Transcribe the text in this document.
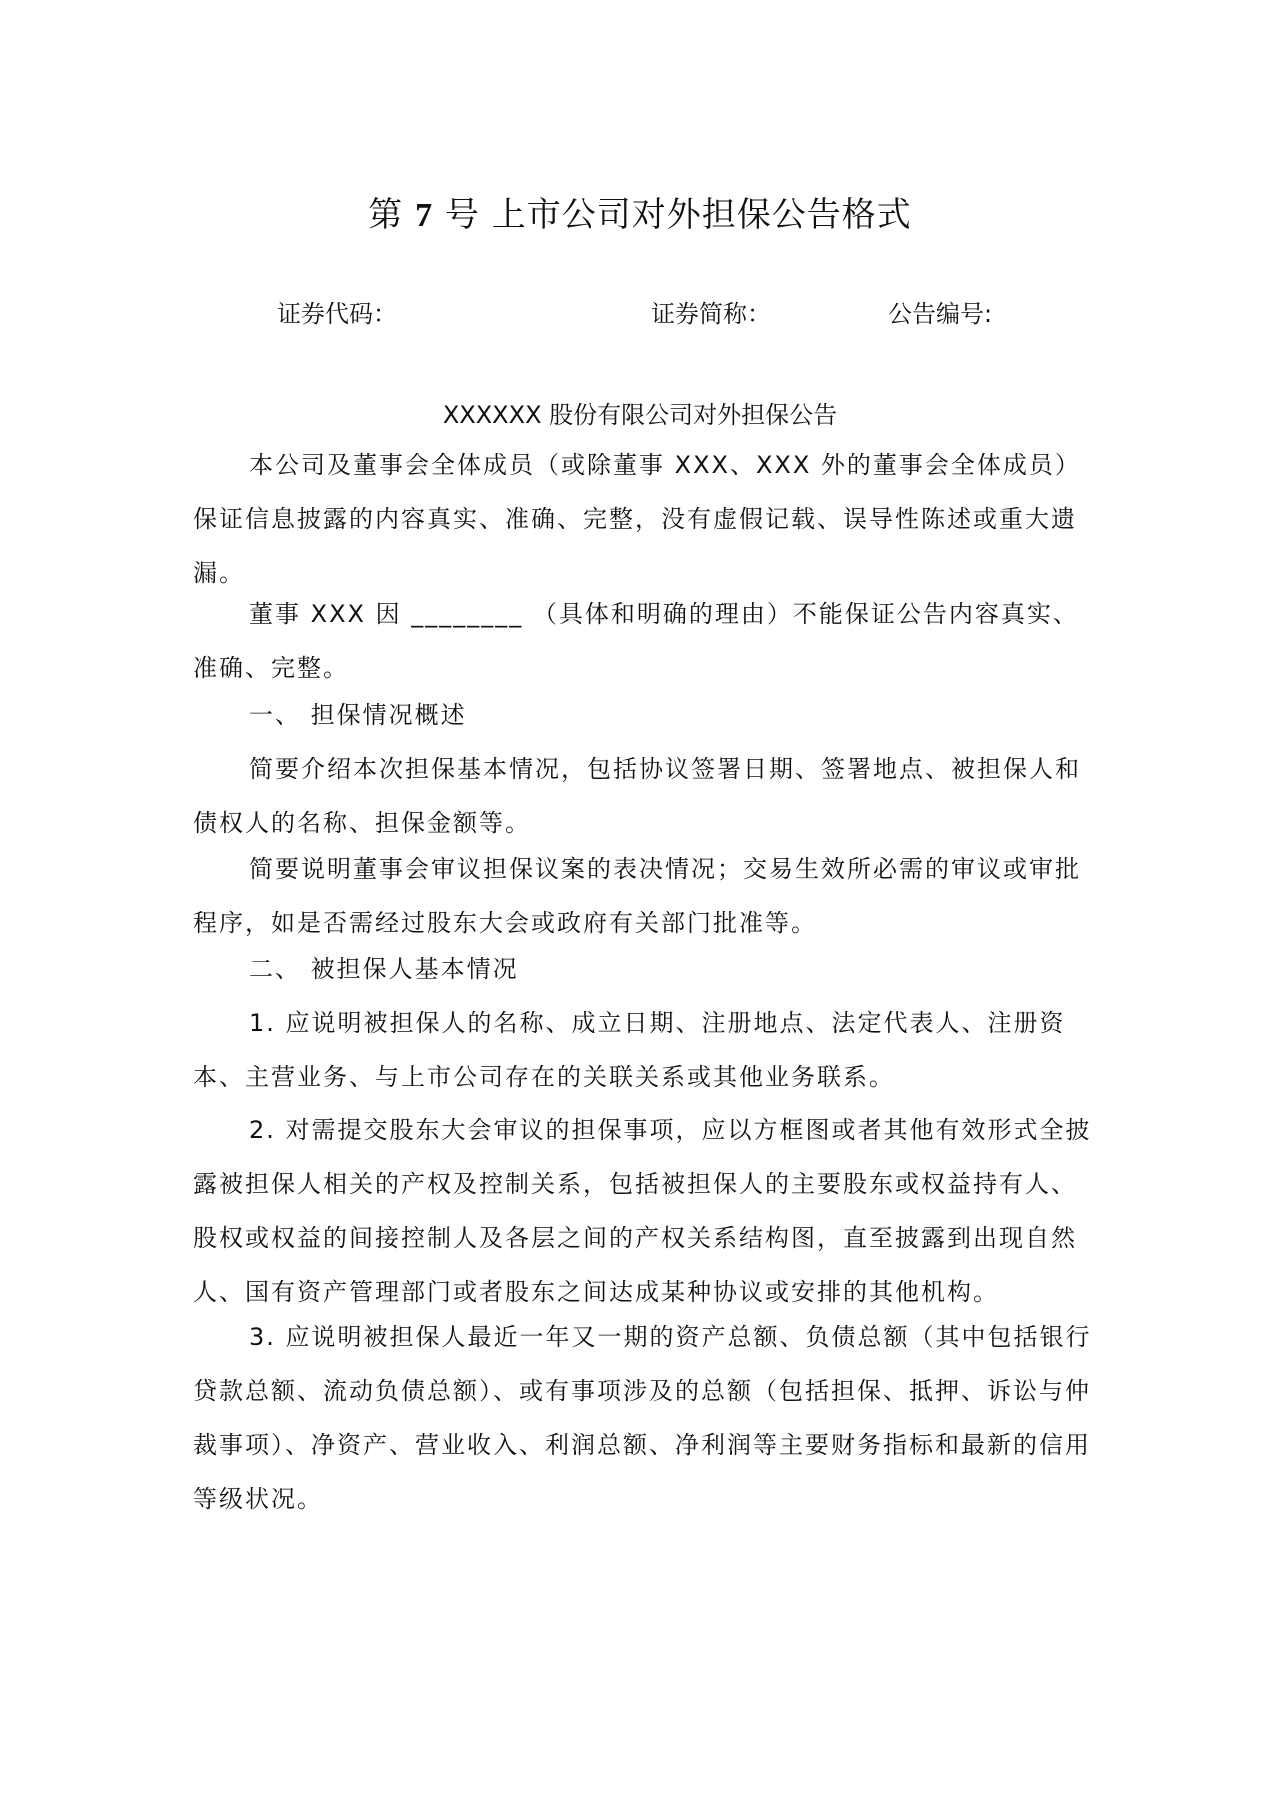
第 7 号 上市公司对外担保公告格式
证券代码：	证券简称：	公告编号:
XXXXXX 股份有限公司对外担保公告

本公司及董事会全体成员（或除董事 XXX、XXX 外的董事会全体成员）保证信息披露的内容真实、准确、完整，没有虚假记载、误导性陈述或重大遗漏。

董事 XXX 因 ________ （具体和明确的理由）不能保证公告内容真实、准确、完整。

一、 担保情况概述

简要介绍本次担保基本情况，包括协议签署日期、签署地点、被担保人和债权人的名称、担保金额等。

简要说明董事会审议担保议案的表决情况；交易生效所必需的审议或审批程序，如是否需经过股东大会或政府有关部门批准等。

二、 被担保人基本情况

1. 应说明被担保人的名称、成立日期、注册地点、法定代表人、注册资本、主营业务、与上市公司存在的关联关系或其他业务联系。

2. 对需提交股东大会审议的担保事项，应以方框图或者其他有效形式全披露被担保人相关的产权及控制关系，包括被担保人的主要股东或权益持有人、股权或权益的间接控制人及各层之间的产权关系结构图，直至披露到出现自然人、国有资产管理部门或者股东之间达成某种协议或安排的其他机构。

3. 应说明被担保人最近一年又一期的资产总额、负债总额（其中包括银行贷款总额、流动负债总额）、或有事项涉及的总额（包括担保、抵押、诉讼与仲裁事项）、净资产、营业收入、利润总额、净利润等主要财务指标和最新的信用等级状况。
